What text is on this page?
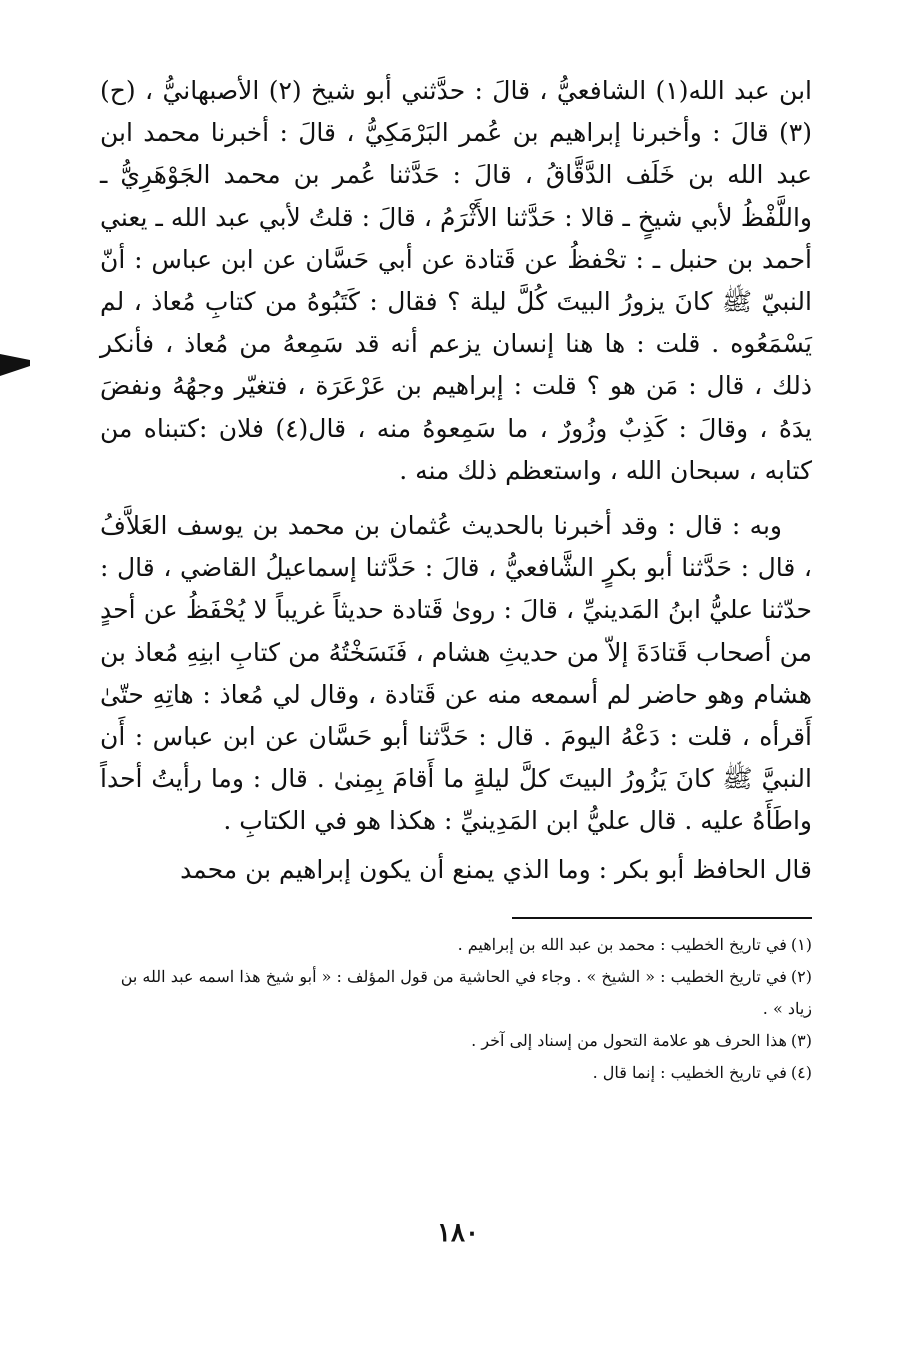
ابن عبد الله(١) الشافعيُّ ، قالَ : حدَّثني أبو شيخ (٢) الأصبهانيُّ ، (ح)(٣) قالَ : وأخبرنا إبراهيم بن عُمر البَرْمَكِيُّ ، قالَ : أخبرنا محمد ابن عبد الله بن خَلَف الدَّقَّاقُ ، قالَ : حَدَّثنا عُمر بن محمد الجَوْهَرِيُّ ـ واللَّفْظُ لأبي شيخٍ ـ قالا : حَدَّثنا الأَثْرَمُ ، قالَ : قلتُ لأبي عبد الله ـ يعني أحمد بن حنبل ـ : تحْفظُ عن قَتادة عن أبي حَسَّان عن ابن عباس : أنّ النبيّ ﷺ كانَ يزورُ البيتَ كُلَّ ليلة ؟ فقال : كَتَبُوهُ من كتابِ مُعاذ ، لم يَسْمَعُوه . قلت : ها هنا إنسان يزعم أنه قد سَمِعهُ من مُعاذ ، فأنكر ذلك ، قال : مَن هو ؟ قلت : إبراهيم بن عَرْعَرَة ، فتغيّر وجهُهُ ونفضَ يدَهُ ، وقالَ : كَذِبٌ وزُورٌ ، ما سَمِعوهُ منه ، قال(٤) فلان :كتبناه من كتابه ، سبحان الله ، واستعظم ذلك منه .

وبه : قال : وقد أخبرنا بالحديث عُثمان بن محمد بن يوسف العَلاَّفُ ، قال : حَدَّثنا أبو بكرٍ الشَّافعيُّ ، قالَ : حَدَّثنا إسماعيلُ القاضي ، قال : حدّثنا عليُّ ابنُ المَدينيِّ ، قالَ : روىٰ قَتادة حديثاً غريباً لا يُحْفَظُ عن أحدٍ من أصحاب قَتادَةَ إلاّ من حديثِ هشام ، فَنَسَخْتُهُ من كتابِ ابنِهِ مُعاذ بن هشام وهو حاضر لم أسمعه منه عن قَتادة ، وقال لي مُعاذ : هاتِهِ حتّىٰ أَقرأه ، قلت : دَعْهُ اليومَ . قال : حَدَّثنا أبو حَسَّان عن ابن عباس : أَن النبيَّ ﷺ كانَ يَزُورُ البيتَ كلَّ ليلةٍ ما أَقامَ بِمِنىٰ . قال : وما رأيتُ أحداً واطَأَهُ عليه . قال عليُّ ابن المَدِينيِّ : هكذا هو في الكتابِ .

قال الحافظ أبو بكر : وما الذي يمنع أن يكون إبراهيم بن محمد

(١)في تاريخ الخطيب : محمد بن عبد الله بن إبراهيم .

(٢)في تاريخ الخطيب : « الشيخ » . وجاء في الحاشية من قول المؤلف : « أبو شيخ هذا اسمه عبد الله بن زياد » .

(٣)هذا الحرف هو علامة التحول من إسناد إلى آخر .

(٤)في تاريخ الخطيب : إنما قال .

١٨٠
